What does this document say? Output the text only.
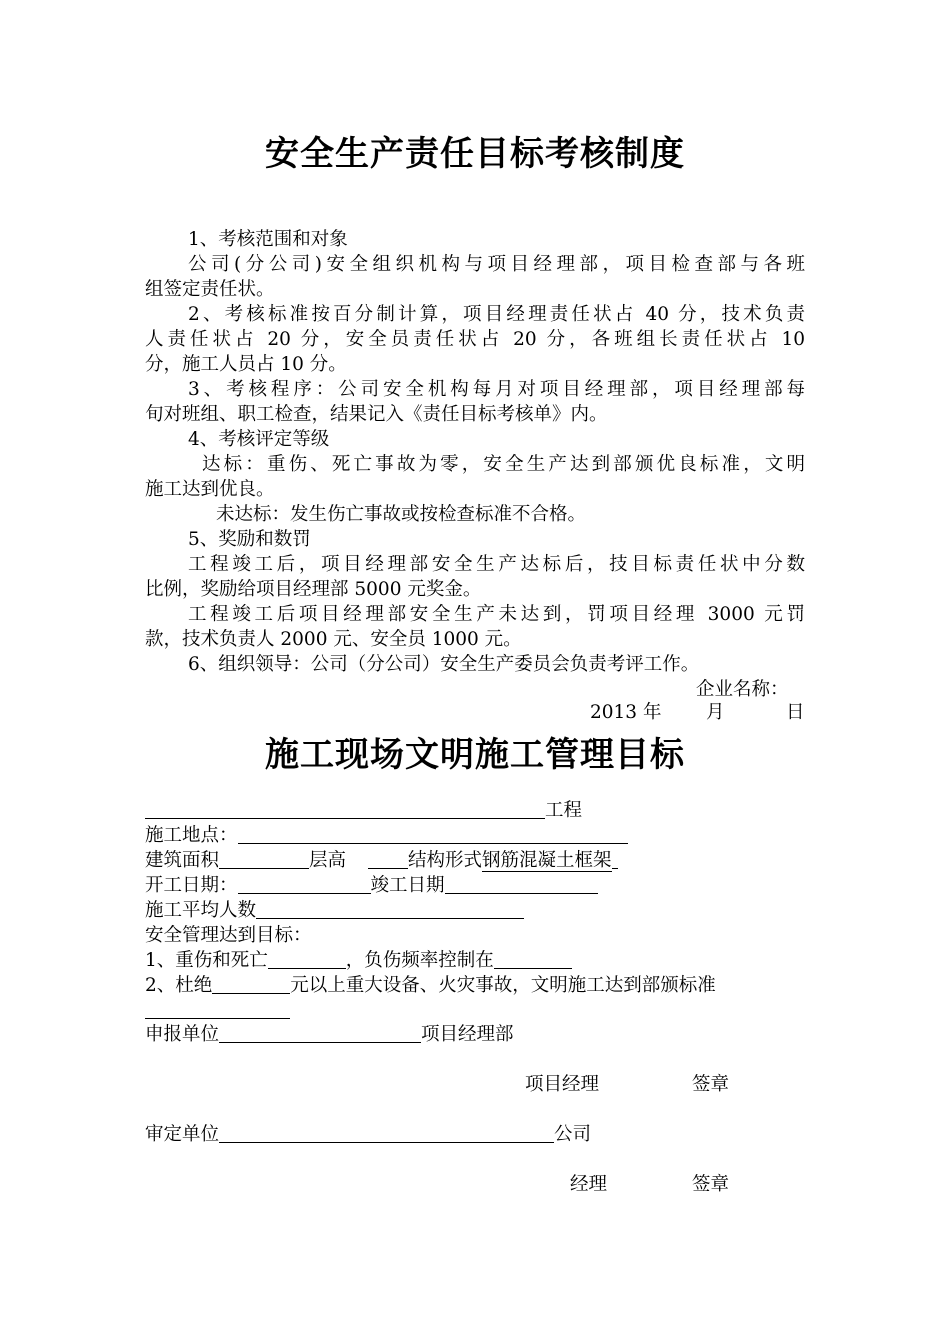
安全生产责任目标考核制度
1、考核范围和对象
公司(分公司)安全组织机构与项目经理部，项目检查部与各班
组签定责任状。
2、考核标准按百分制计算，项目经理责任状占 40 分，技术负责
人责任状占 20 分，安全员责任状占 20 分，各班组长责任状占 10
分，施工人员占 10 分。
3、考核程序：公司安全机构每月对项目经理部，项目经理部每
旬对班组、职工检查，结果记入《责任目标考核单》内。
4、考核评定等级
达标：重伤、死亡事故为零，安全生产达到部颁优良标准，文明
施工达到优良。
未达标：发生伤亡事故或按检查标准不合格。
5、奖励和数罚
工程竣工后，项目经理部安全生产达标后，技目标责任状中分数
比例，奖励给项目经理部 5000 元奖金。
工程竣工后项目经理部安全生产未达到，罚项目经理 3000 元罚
款，技术负责人 2000 元、安全员 1000 元。
6、组织领导：公司（分公司）安全生产委员会负责考评工作。
企业名称：
2013 年 月	日
施工现场文明施工管理目标
工程
施工地点：
建筑面积	层高	结构形式钢筋混凝土框架
开工日期：	竣工日期
施工平均人数
安全管理达到目标：
1、重伤和死亡	，负伤频率控制在
2、杜绝	元以上重大设备、火灾事故，文明施工达到部颁标准
申报单位	项目经理部
项目经理	签章
审定单位	公司
经理	签章
